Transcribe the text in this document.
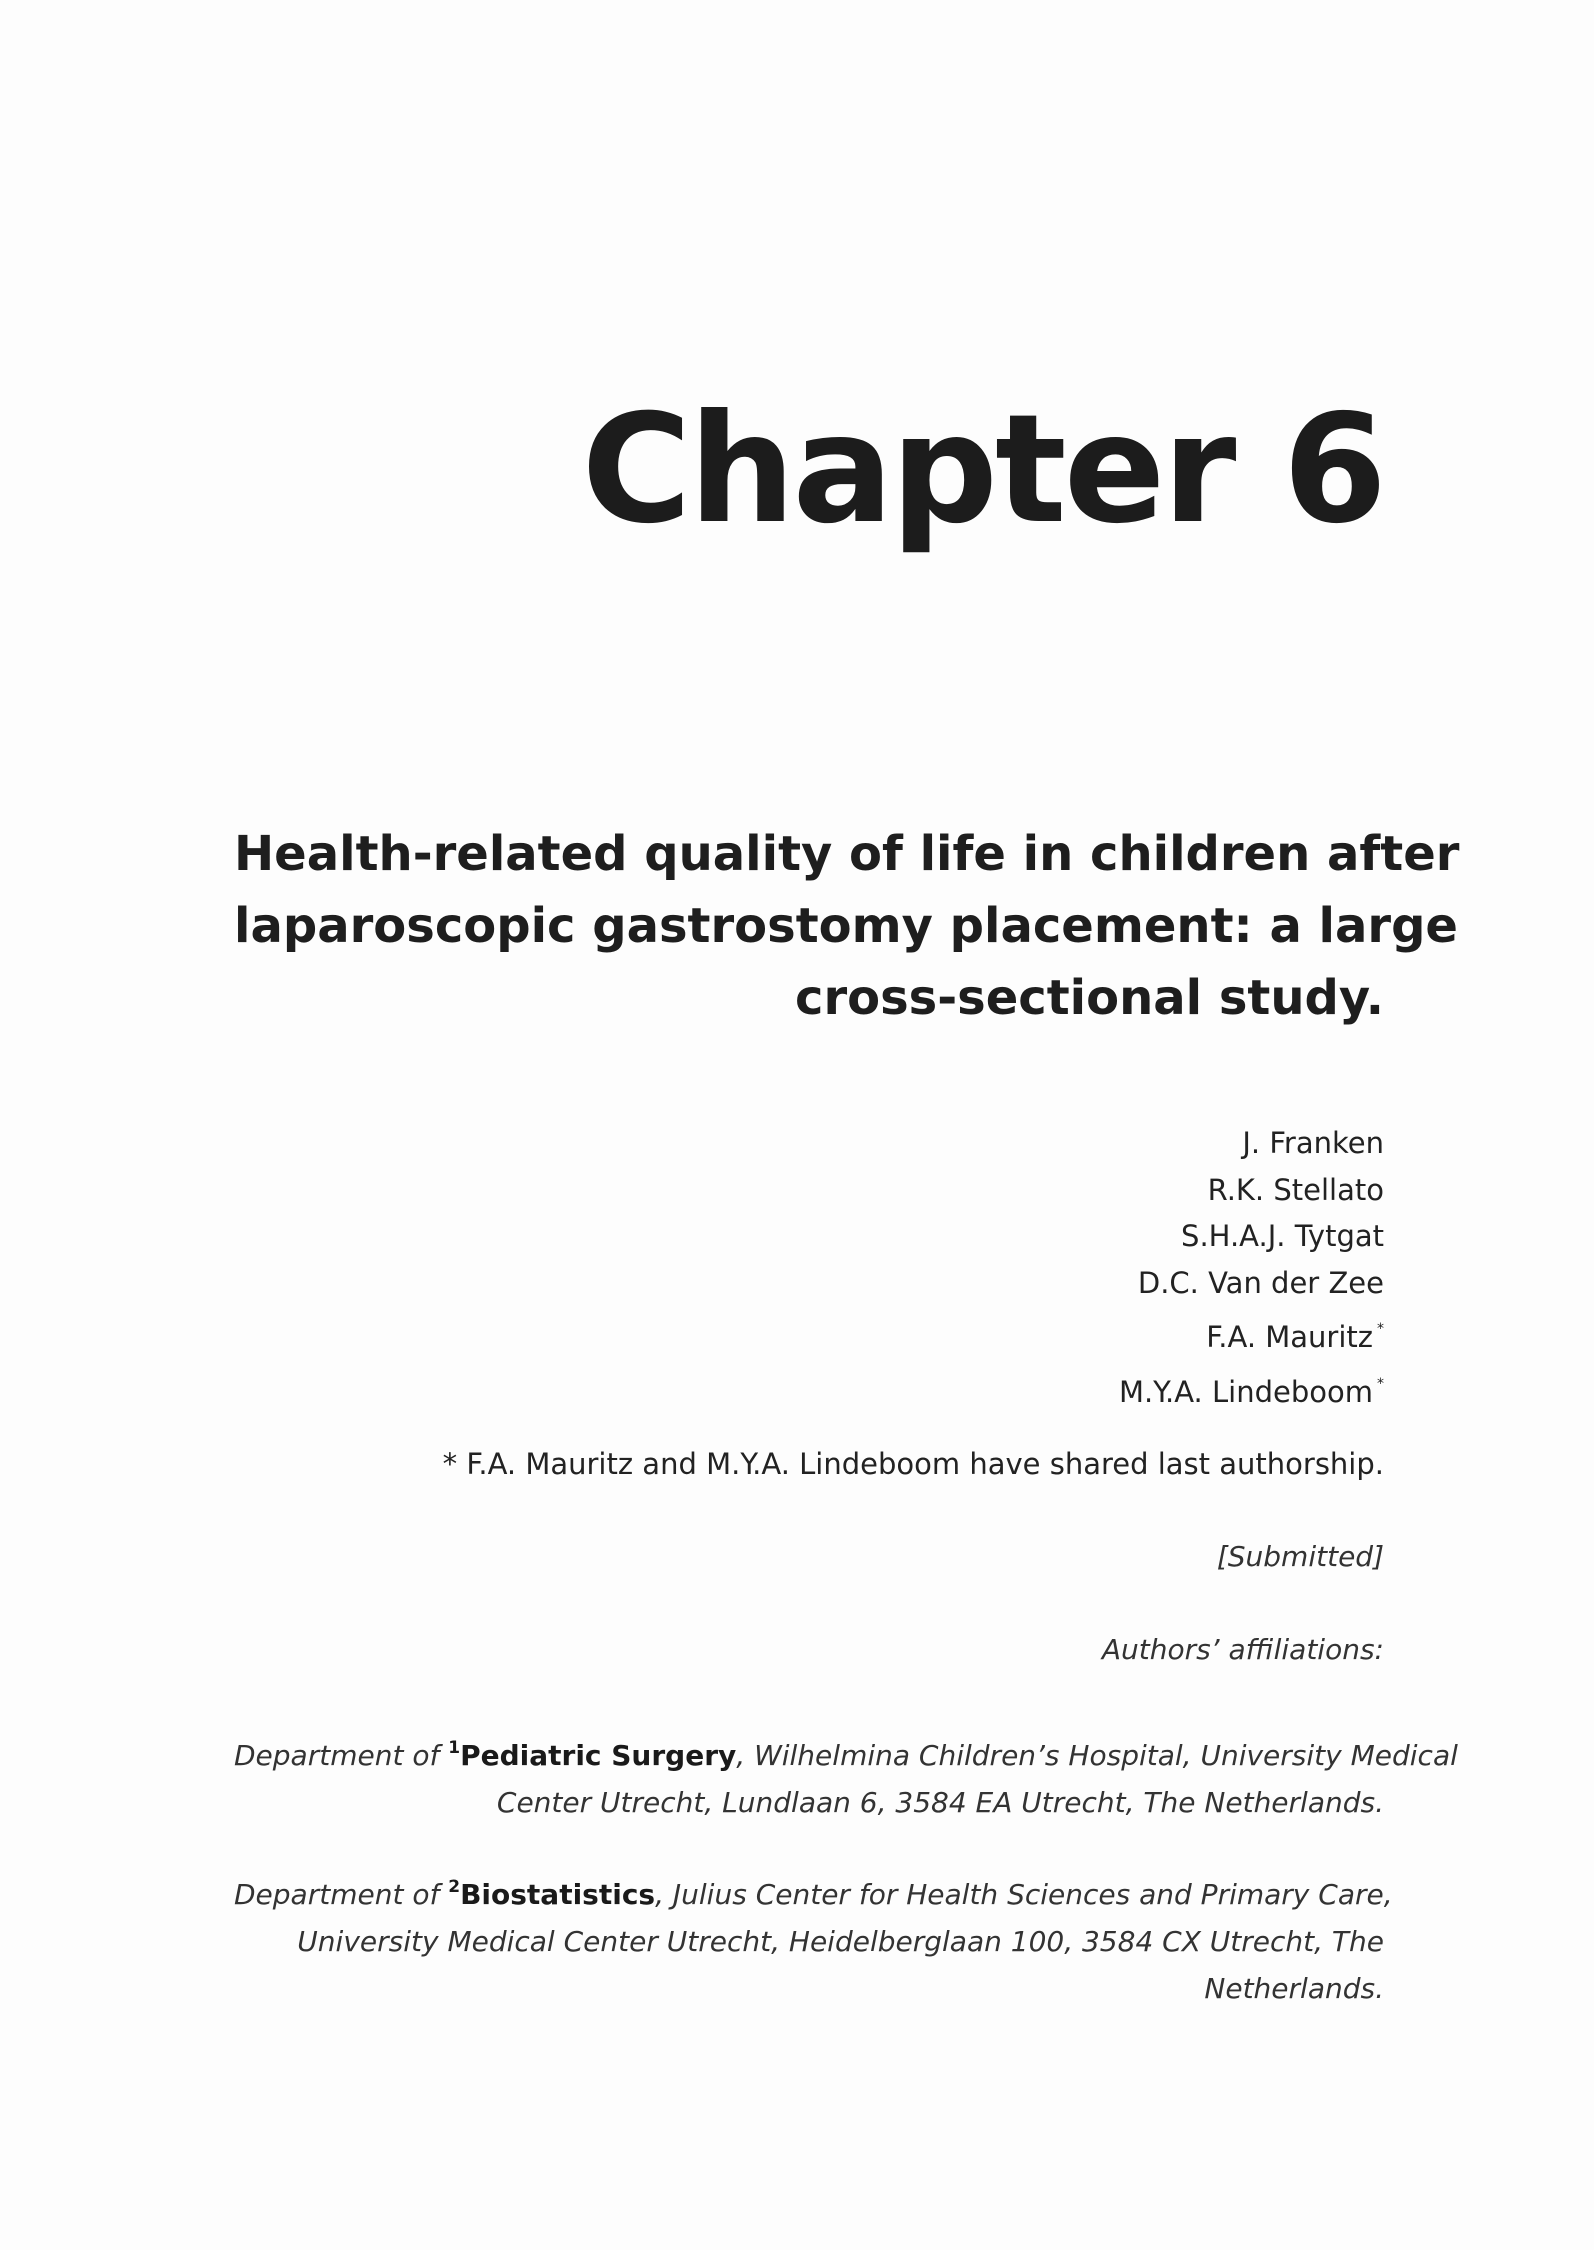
Chapter 6
Health-related quality of life in children after
laparoscopic gastrostomy placement: a large
cross-sectional study.
J. Franken
R.K. Stellato
S.H.A.J. Tytgat
D.C. Van der Zee
F.A. Mauritz *
M.Y.A. Lindeboom *
* F.A. Mauritz and M.Y.A. Lindeboom have shared last authorship.
[Submitted]
Authors’ affiliations:
Department of $^1$Pediatric Surgery, Wilhelmina Children’s Hospital, University Medical
Center Utrecht, Lundlaan 6, 3584 EA Utrecht, The Netherlands.
Department of $^2$Biostatistics, Julius Center for Health Sciences and Primary Care,
University Medical Center Utrecht, Heidelberglaan 100, 3584 CX Utrecht, The
Netherlands.
